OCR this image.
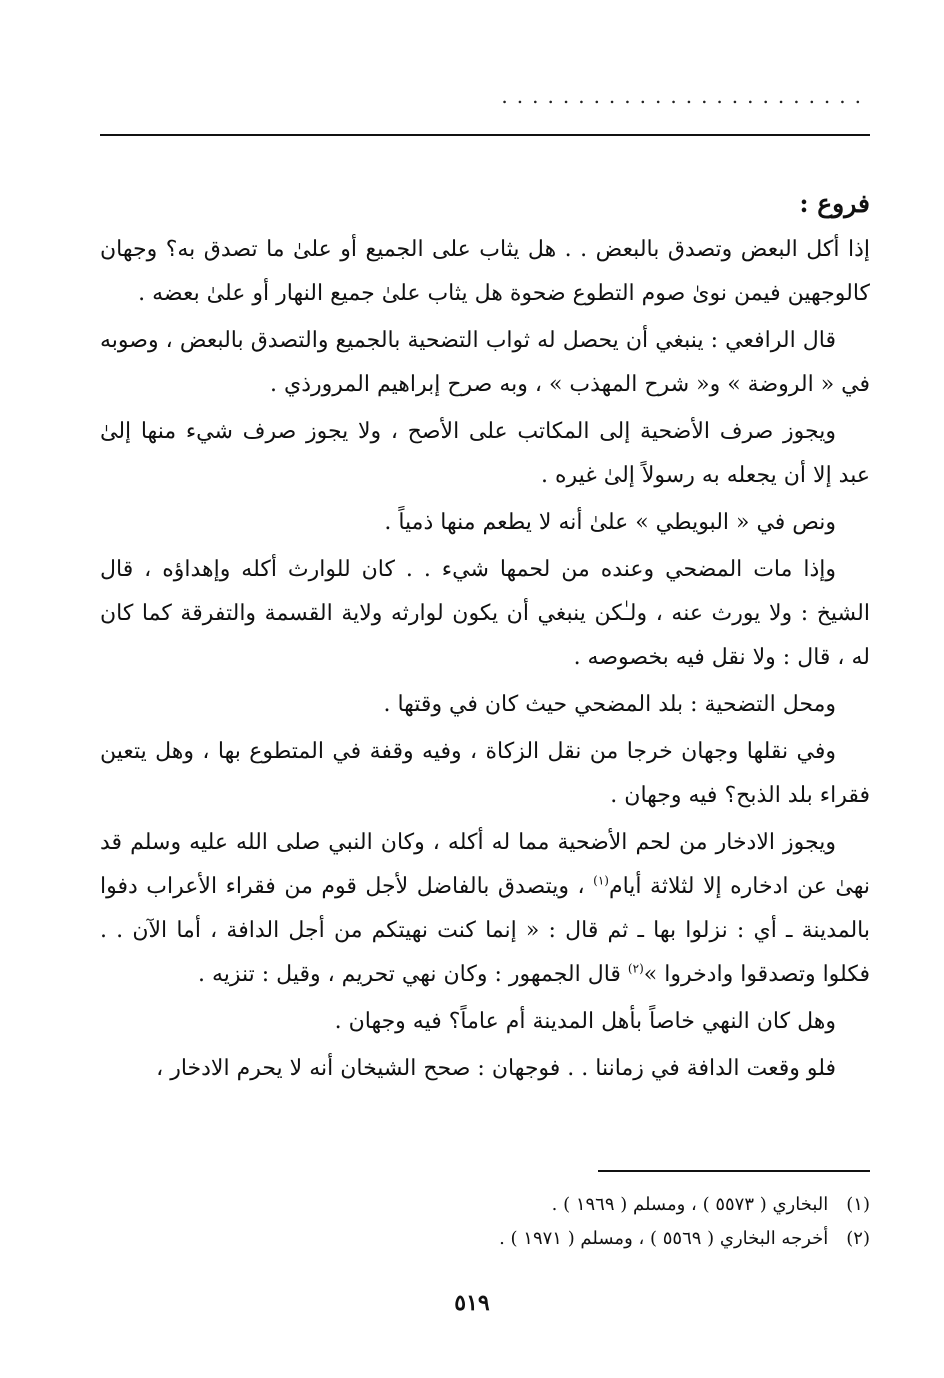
........................
فروع :

إذا أكل البعض وتصدق بالبعض . . هل يثاب على الجميع أو علىٰ ما تصدق به؟ وجهان كالوجهين فيمن نوىٰ صوم التطوع ضحوة هل يثاب علىٰ جميع النهار أو علىٰ بعضه .

قال الرافعي : ينبغي أن يحصل له ثواب التضحية بالجميع والتصدق بالبعض ، وصوبه في « الروضة » و« شرح المهذب » ، وبه صرح إبراهيم المرورذي .

ويجوز صرف الأضحية إلى المكاتب على الأصح ، ولا يجوز صرف شيء منها إلىٰ عبد إلا أن يجعله به رسولاً إلىٰ غيره .

ونص في « البويطي » علىٰ أنه لا يطعم منها ذمياً .

وإذا مات المضحي وعنده من لحمها شيء . . كان للوارث أكله وإهداؤه ، قال الشيخ : ولا يورث عنه ، ولـٰكن ينبغي أن يكون لوارثه ولاية القسمة والتفرقة كما كان له ، قال : ولا نقل فيه بخصوصه .

ومحل التضحية : بلد المضحي حيث كان في وقتها .

وفي نقلها وجهان خرجا من نقل الزكاة ، وفيه وقفة في المتطوع بها ، وهل يتعين فقراء بلد الذبح؟ فيه وجهان .

ويجوز الادخار من لحم الأضحية مما له أكله ، وكان النبي صلى الله عليه وسلم قد نهىٰ عن ادخاره إلا لثلاثة أيام$^{(١)}$ ، ويتصدق بالفاضل لأجل قوم من فقراء الأعراب دفوا بالمدينة ـ أي : نزلوا بها ـ ثم قال : « إنما كنت نهيتكم من أجل الدافة ، أما الآن . . فكلوا وتصدقوا وادخروا »$^{(٢)}$ قال الجمهور : وكان نهي تحريم ، وقيل : تنزيه .

وهل كان النهي خاصاً بأهل المدينة أم عاماً؟ فيه وجهان .

فلو وقعت الدافة في زماننا . . فوجهان : صحح الشيخان أنه لا يحرم الادخار ،

(١)البخاري ( ٥٥٧٣ ) ، ومسلم ( ١٩٦٩ ) .
(٢)أخرجه البخاري ( ٥٥٦٩ ) ، ومسلم ( ١٩٧١ ) .
٥١٩
